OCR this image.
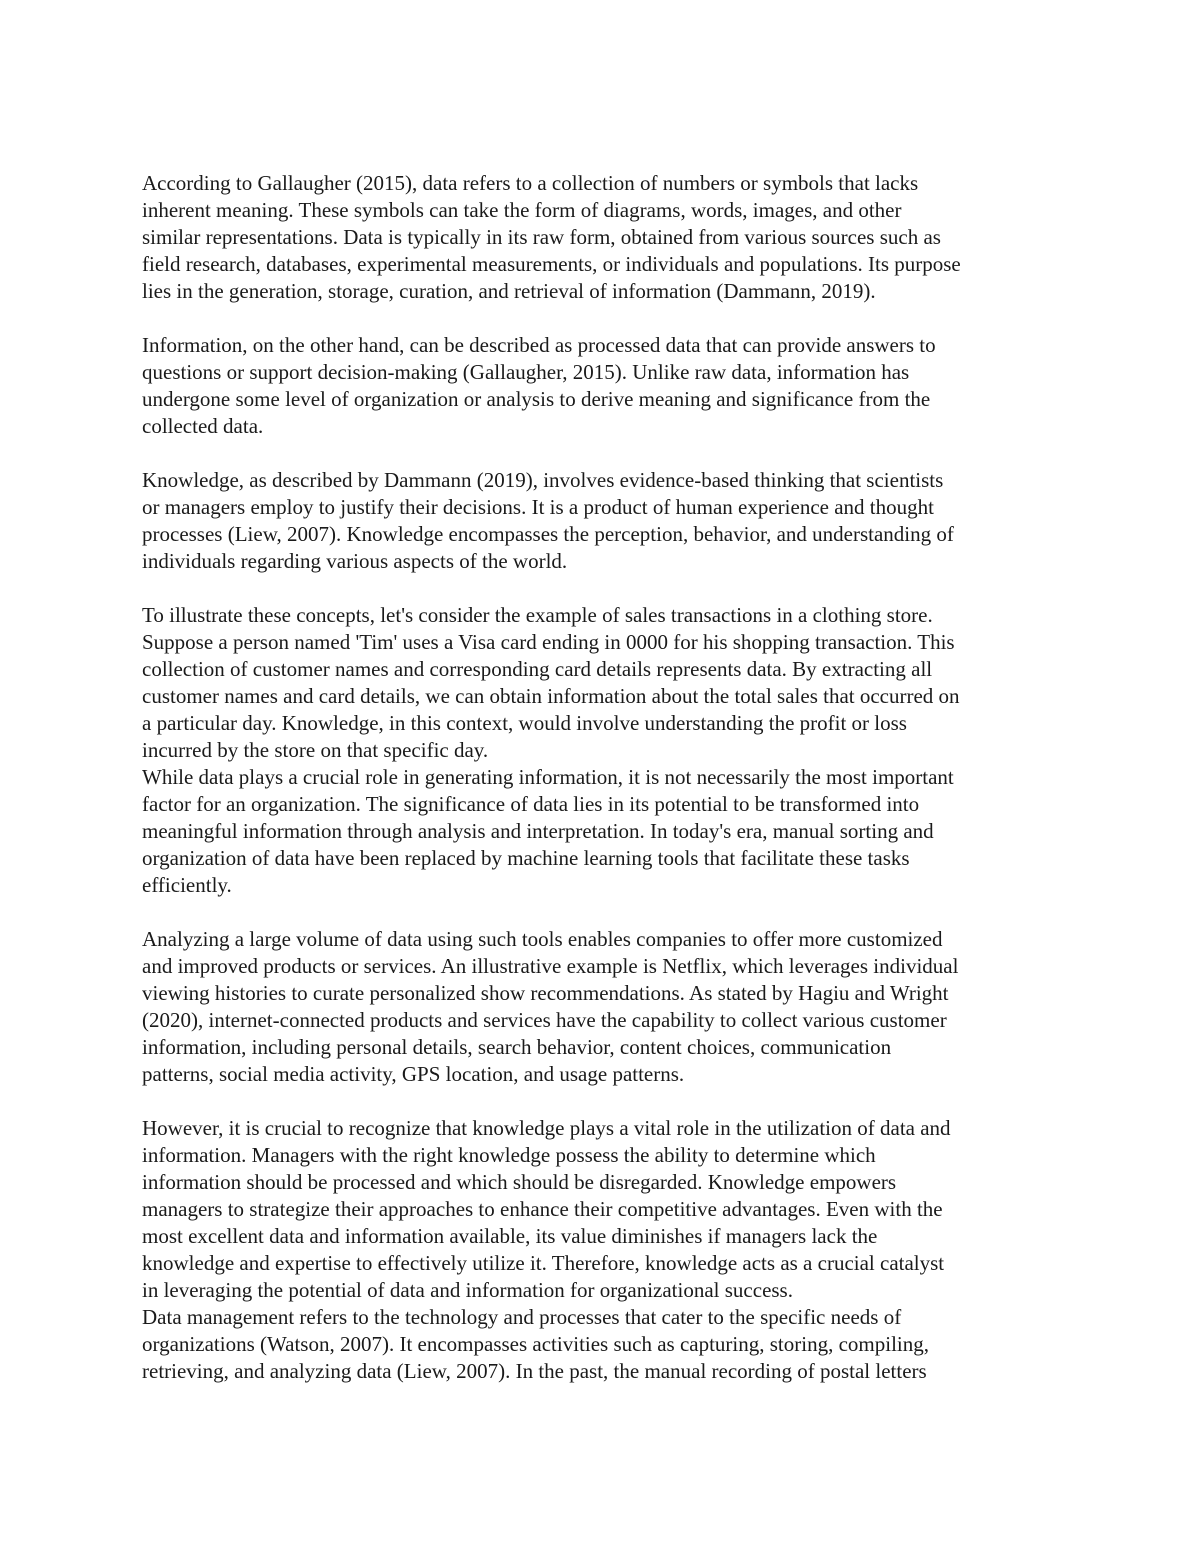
According to Gallaugher (2015), data refers to a collection of numbers or symbols that lacks
inherent meaning. These symbols can take the form of diagrams, words, images, and other
similar representations. Data is typically in its raw form, obtained from various sources such as
field research, databases, experimental measurements, or individuals and populations. Its purpose
lies in the generation, storage, curation, and retrieval of information (Dammann, 2019).

Information, on the other hand, can be described as processed data that can provide answers to
questions or support decision-making (Gallaugher, 2015). Unlike raw data, information has
undergone some level of organization or analysis to derive meaning and significance from the
collected data.

Knowledge, as described by Dammann (2019), involves evidence-based thinking that scientists
or managers employ to justify their decisions. It is a product of human experience and thought
processes (Liew, 2007). Knowledge encompasses the perception, behavior, and understanding of
individuals regarding various aspects of the world.

To illustrate these concepts, let's consider the example of sales transactions in a clothing store.
Suppose a person named 'Tim' uses a Visa card ending in 0000 for his shopping transaction. This
collection of customer names and corresponding card details represents data. By extracting all
customer names and card details, we can obtain information about the total sales that occurred on
a particular day. Knowledge, in this context, would involve understanding the profit or loss
incurred by the store on that specific day.

While data plays a crucial role in generating information, it is not necessarily the most important
factor for an organization. The significance of data lies in its potential to be transformed into
meaningful information through analysis and interpretation. In today's era, manual sorting and
organization of data have been replaced by machine learning tools that facilitate these tasks
efficiently.

Analyzing a large volume of data using such tools enables companies to offer more customized
and improved products or services. An illustrative example is Netflix, which leverages individual
viewing histories to curate personalized show recommendations. As stated by Hagiu and Wright
(2020), internet-connected products and services have the capability to collect various customer
information, including personal details, search behavior, content choices, communication
patterns, social media activity, GPS location, and usage patterns.

However, it is crucial to recognize that knowledge plays a vital role in the utilization of data and
information. Managers with the right knowledge possess the ability to determine which
information should be processed and which should be disregarded. Knowledge empowers
managers to strategize their approaches to enhance their competitive advantages. Even with the
most excellent data and information available, its value diminishes if managers lack the
knowledge and expertise to effectively utilize it. Therefore, knowledge acts as a crucial catalyst
in leveraging the potential of data and information for organizational success.

Data management refers to the technology and processes that cater to the specific needs of
organizations (Watson, 2007). It encompasses activities such as capturing, storing, compiling,
retrieving, and analyzing data (Liew, 2007). In the past, the manual recording of postal letters
